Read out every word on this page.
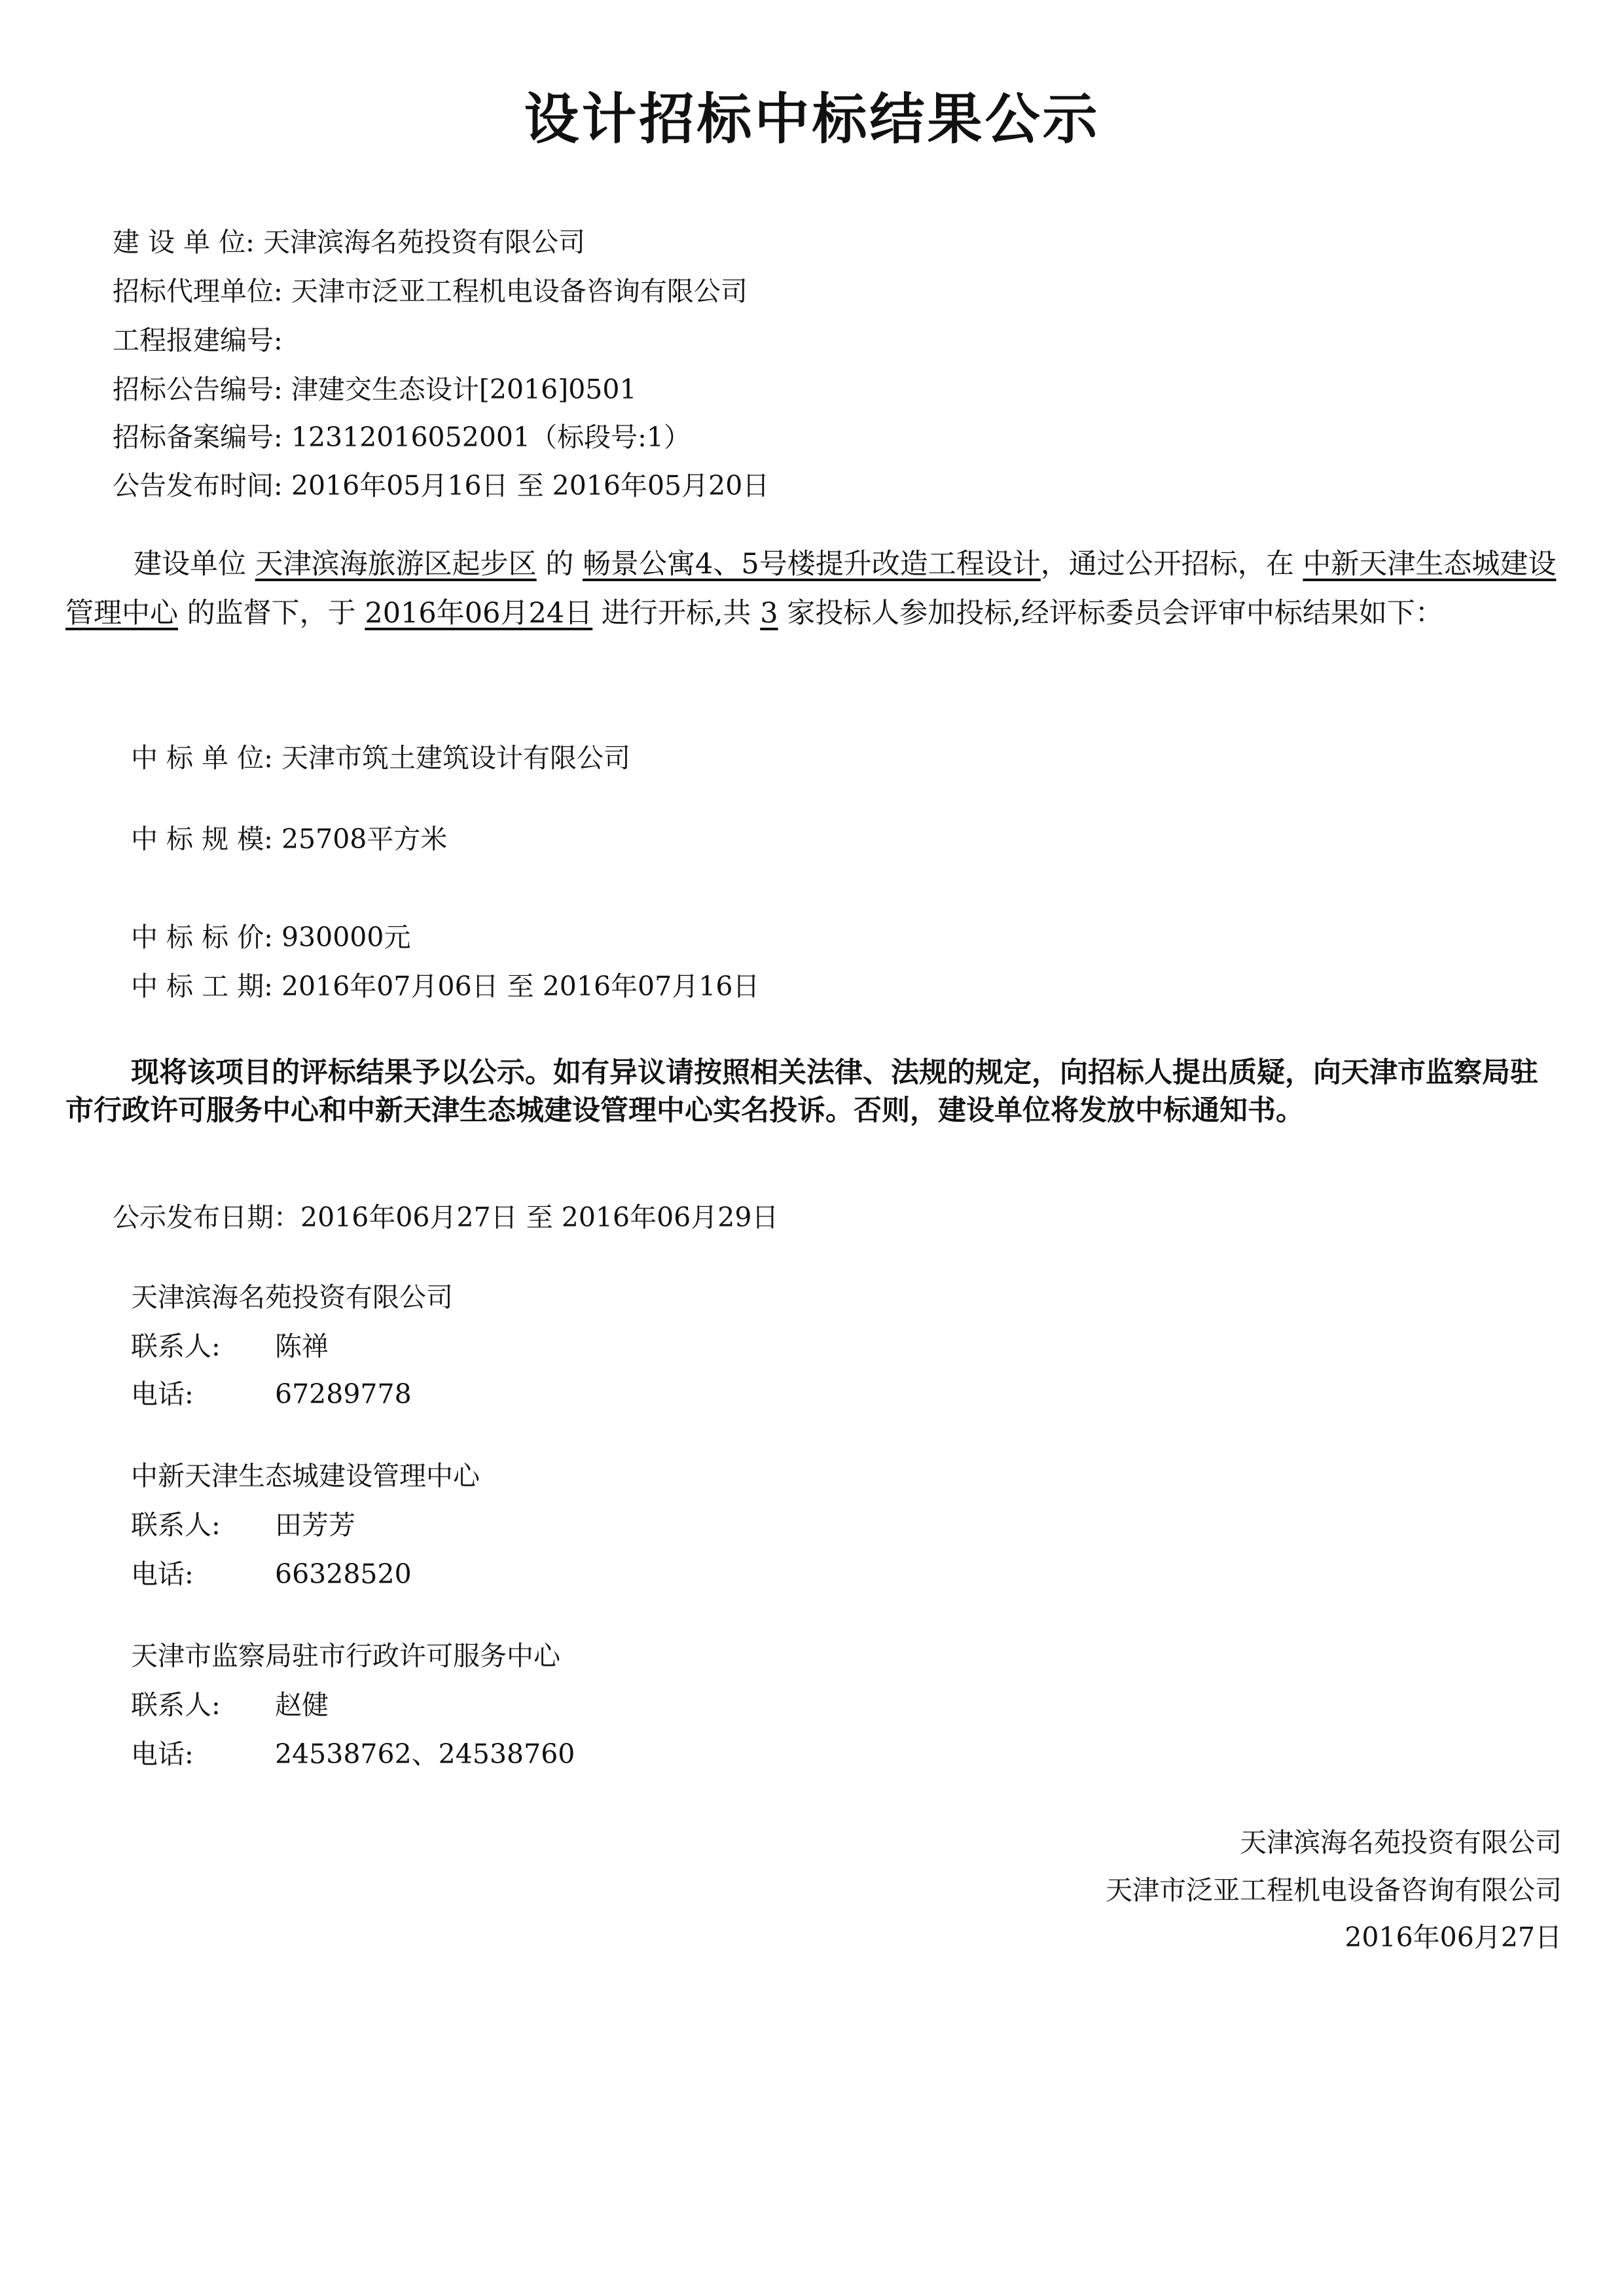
设计招标中标结果公示
建 设 单 位: 天津滨海名苑投资有限公司
招标代理单位: 天津市泛亚工程机电设备咨询有限公司
工程报建编号:
招标公告编号: 津建交生态设计[2016]0501
招标备案编号: 12312016052001（标段号:1）
公告发布时间: 2016年05月16日 至 2016年05月20日
建设单位 天津滨海旅游区起步区 的 畅景公寓4、5号楼提升改造工程设计，通过公开招标，在 中新天津生态城建设管理中心 的监督下，于 2016年06月24日 进行开标,共 3 家投标人参加投标,经评标委员会评审中标结果如下：
中 标 单 位: 天津市筑土建筑设计有限公司
中 标 规 模: 25708平方米
中 标 标 价: 930000元
中 标 工 期: 2016年07月06日 至 2016年07月16日
现将该项目的评标结果予以公示。如有异议请按照相关法律、法规的规定，向招标人提出质疑，向天津市监察局驻市行政许可服务中心和中新天津生态城建设管理中心实名投诉。否则，建设单位将发放中标通知书。
公示发布日期：2016年06月27日 至 2016年06月29日
天津滨海名苑投资有限公司
联系人: 陈禅
电话:	67289778
中新天津生态城建设管理中心
联系人: 田芳芳
电话:	66328520
天津市监察局驻市行政许可服务中心
联系人: 赵健
电话:	24538762、24538760
天津滨海名苑投资有限公司
天津市泛亚工程机电设备咨询有限公司
2016年06月27日
